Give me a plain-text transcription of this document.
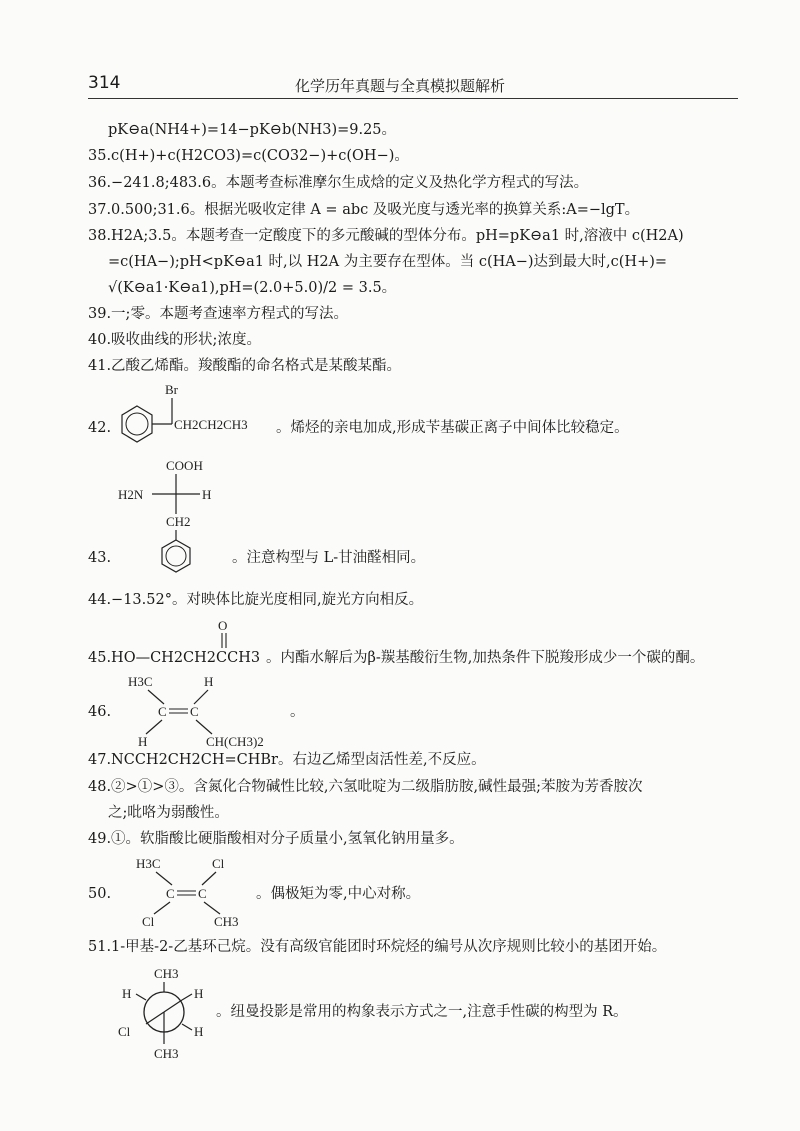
314	化学历年真题与全真模拟题解析
pK⊖a(NH4+)=14−pK⊖b(NH3)=9.25。
35.c(H+)+c(H2CO3)=c(CO32−)+c(OH−)。
36.−241.8;483.6。本题考查标准摩尔生成焓的定义及热化学方程式的写法。
37.0.500;31.6。根据光吸收定律 A = abc 及吸光度与透光率的换算关系:A=−lgT。
38.H2A;3.5。本题考查一定酸度下的多元酸碱的型体分布。pH=pK⊖a1 时,溶液中 c(H2A)
=c(HA−);pH<pK⊖a1 时,以 H2A 为主要存在型体。当 c(HA−)达到最大时,c(H+)=
√(K⊖a1·K⊖a1),pH=(2.0+5.0)/2 = 3.5。
39.一;零。本题考查速率方程式的写法。
40.吸收曲线的形状;浓度。
41.乙酸乙烯酯。羧酸酯的命名格式是某酸某酯。
42.
Br
CH2CH2CH3 。烯烃的亲电加成,形成苄基碳正离子中间体比较稳定。
COOH
H2N	H
CH2
43.	。注意构型与 L-甘油醛相同。
44.−13.52°。对映体比旋光度相同,旋光方向相反。
O
45.HO—CH2CH2CCH3 。内酯水解后为β-羰基酸衍生物,加热条件下脱羧形成少一个碳的酮。
46.
H3C	H
C C
H	CH(CH3)2
。
47.NCCH2CH2CH=CHBr。右边乙烯型卤活性差,不反应。
48.②>①>③。含氮化合物碱性比较,六氢吡啶为二级脂肪胺,碱性最强;苯胺为芳香胺次
之;吡咯为弱酸性。
49.①。软脂酸比硬脂酸相对分子质量小,氢氧化钠用量多。
50.
H3C	Cl
C C
Cl	CH3
。偶极矩为零,中心对称。
51.1-甲基-2-乙基环己烷。没有高级官能团时环烷烃的编号从次序规则比较小的基团开始。
CH3
H	H
Cl	H
CH3
。纽曼投影是常用的构象表示方式之一,注意手性碳的构型为 R。
